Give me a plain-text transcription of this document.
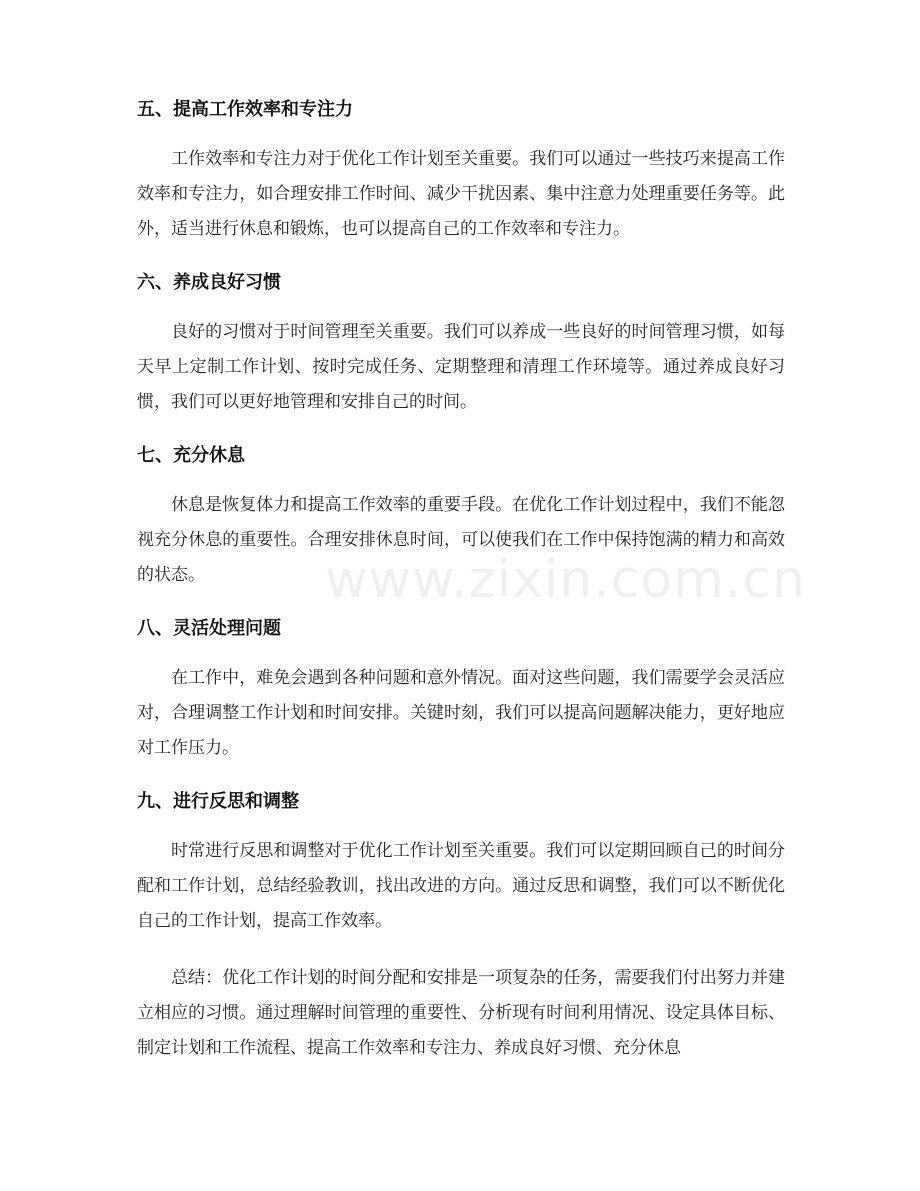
www.zixin.com.cn
五、提高工作效率和专注力

工作效率和专注力对于优化工作计划至关重要。我们可以通过一些技巧来提高工作效率和专注力，如合理安排工作时间、减少干扰因素、集中注意力处理重要任务等。此外，适当进行休息和锻炼，也可以提高自己的工作效率和专注力。

六、养成良好习惯

良好的习惯对于时间管理至关重要。我们可以养成一些良好的时间管理习惯，如每天早上定制工作计划、按时完成任务、定期整理和清理工作环境等。通过养成良好习惯，我们可以更好地管理和安排自己的时间。

七、充分休息

休息是恢复体力和提高工作效率的重要手段。在优化工作计划过程中，我们不能忽视充分休息的重要性。合理安排休息时间，可以使我们在工作中保持饱满的精力和高效的状态。

八、灵活处理问题

在工作中，难免会遇到各种问题和意外情况。面对这些问题，我们需要学会灵活应对，合理调整工作计划和时间安排。关键时刻，我们可以提高问题解决能力，更好地应对工作压力。

九、进行反思和调整

时常进行反思和调整对于优化工作计划至关重要。我们可以定期回顾自己的时间分配和工作计划，总结经验教训，找出改进的方向。通过反思和调整，我们可以不断优化自己的工作计划，提高工作效率。

总结：优化工作计划的时间分配和安排是一项复杂的任务，需要我们付出努力并建立相应的习惯。通过理解时间管理的重要性、分析现有时间利用情况、设定具体目标、制定计划和工作流程、提高工作效率和专注力、养成良好习惯、充分休息
